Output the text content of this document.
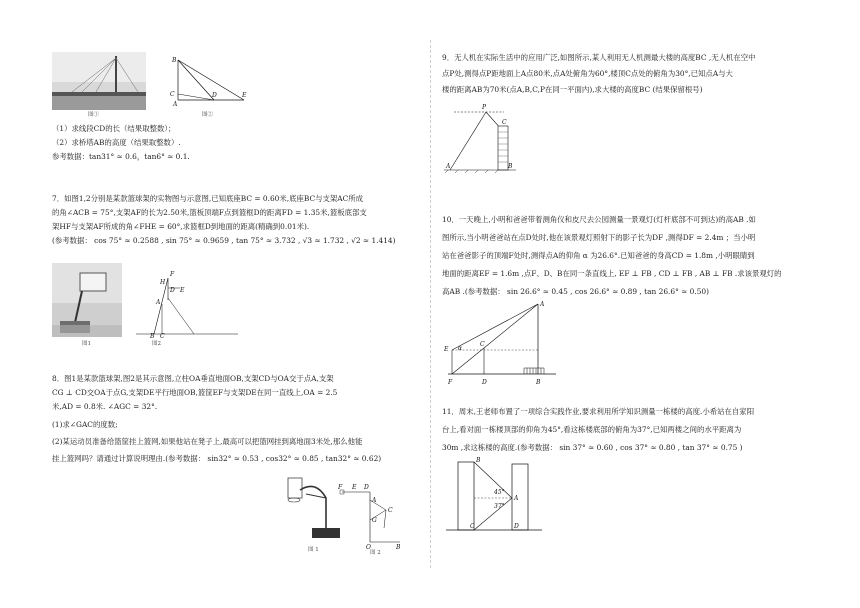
图①
B
C
A
D	E
图②
（1）求线段CD的长（结果取整数）；
（2）求桥塔AB的高度（结果取整数）.
参考数据：tan31° ≈ 0.6，tan6° ≈ 0.1.
7．如图1,2分别是某款篮球架的实物图与示意图,已知底座BC = 0.60米,底座BC与支架AC所成
的角∠ACB = 75°,支架AF的长为2.50米,篮板顶端F点到篮框D的距离FD = 1.35米,篮板底部支
架HF与支架AF所成的角∠FHE = 60°,求篮框D到地面的距离(精确到0.01米).
(参考数据： cos 75° ≈ 0.2588 , sin 75° ≈ 0.9659 , tan 75° ≈ 3.732 , √3 ≈ 1.732 , √2 ≈ 1.414)
图1
H
D E
F
A
B C
图2
8．图1是某款篮球架,图2是其示意图,立柱OA垂直地面OB,支架CD与OA交于点A,支架
CG ⊥ CD交OA于点G,支架DE平行地面OB,篮筐EF与支架DE在同一直线上,OA = 2.5
米,AD = 0.8米. ∠AGC = 32°.
(1)求∠GAC的度数;
(2)某运动员准备给篮筐挂上篮网,如果他站在凳子上,最高可以把篮网挂到离地面3米处,那么他能
挂上篮网吗？请通过计算说明理由.(参考数据： sin32° ≈ 0.53 , cos32° ≈ 0.85 , tan32° ≈ 0.62)
图 1
F E D
A
C
G
O	B
图 2
9．无人机在实际生活中的应用广泛,如图所示,某人利用无人机测最大楼的高度BC ,无人机在空中
点P处,测得点P距地面上A点80米,点A处俯角为60°,楼顶C点处的俯角为30°,已知点A与大
楼的距离AB为70米(点A,B,C,P在同一平面内),求大楼的高度BC (结果保留根号)
P
C
A	B
10．一天晚上,小明和爸爸带着测角仪和皮尺去公园测量一景观灯(灯杆底部不可到达)的高AB .如
图所示,当小明爸爸站在点D处时,他在该景观灯照射下的影子长为DF ,测得DF = 2.4m ；当小明
站在爸爸影子的顶端F处时,测得点A的仰角 α 为26.6°.已知爸爸的身高CD = 1.8m ,小明眼睛到
地面的距离EF = 1.6m ,点F、D、B在同一条直线上, EF ⊥ FB , CD ⊥ FB , AB ⊥ FB .求该景观灯的
高AB .(参考数据： sin 26.6° ≈ 0.45 , cos 26.6° ≈ 0.89 , tan 26.6° ≈ 0.50)
A
C
E α
F	D	B
11．周末,王老师布置了一项综合实践作业,要求利用所学知识测量一栋楼的高度.小希站在自家阳
台上,看对面一栋楼顶部的仰角为45°,看这栋楼底部的俯角为37°,已知两楼之间的水平距离为
30m ,求这栋楼的高度.(参考数据： sin 37° ≈ 0.60 , cos 37° ≈ 0.80 , tan 37° ≈ 0.75 )
B
45°
37°
A
C	D
